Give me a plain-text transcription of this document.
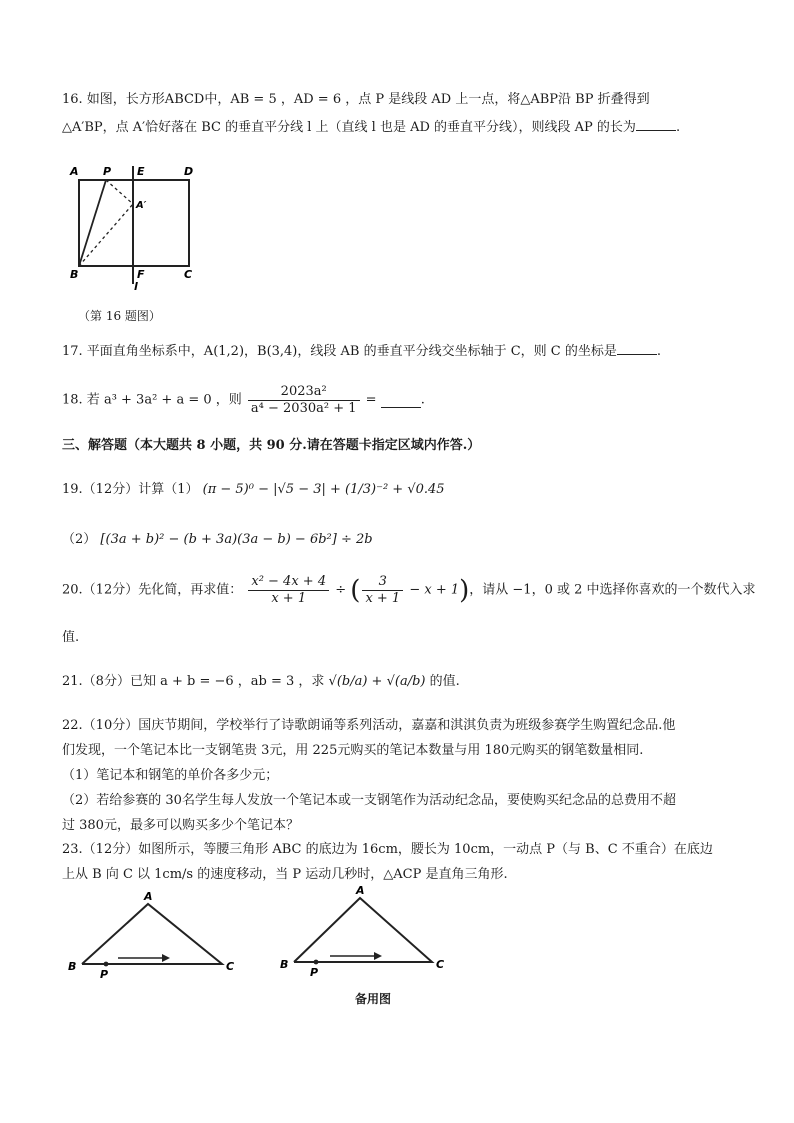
16. 如图，长方形ABCD中，AB = 5 ，AD = 6 ，点 P 是线段 AD 上一点，将△ABP沿 BP 折叠得到
△A′BP，点 A′恰好落在 BC 的垂直平分线 l 上（直线 l 也是 AD 的垂直平分线），则线段 AP 的长为	.
A P E	D
A′
B	F	C
l
（第 16 题图）
17. 平面直角坐标系中，A(1,2)，B(3,4)，线段 AB 的垂直平分线交坐标轴于 C，则 C 的坐标是	.
18. 若 a³ + 3a² + a = 0 ，则 $\frac{\text{2023a²}}{\text{a⁴ − 2030a² + 1}}$ =	.
三、解答题（本大题共 8 小题，共 90 分.请在答题卡指定区域内作答.）
19.（12分）计算（1） (π − 5)⁰ − |√5 − 3| + (1/3)⁻² + √0.45
（2） [(3a + b)² − (b + 3a)(3a − b) − 6b²] ÷ 2b
20.（12分）先化简，再求值： $\frac{\text{x² − 4x + 4}}{x + 1}$ ÷ ( $\frac{3}{x + 1} - x + 1$)，请从 −1，0 或 2 中选择你喜欢的一个数代入求
值.
21.（8分）已知 a + b = −6 ，ab = 3 ，求 √(b/a) + √(a/b) 的值.
22.（10分）国庆节期间，学校举行了诗歌朗诵等系列活动，嘉嘉和淇淇负责为班级参赛学生购置纪念品.他
们发现，一个笔记本比一支钢笔贵 3元，用 225元购买的笔记本数量与用 180元购买的钢笔数量相同.
（1）笔记本和钢笔的单价各多少元；
（2）若给参赛的 30名学生每人发放一个笔记本或一支钢笔作为活动纪念品，要使购买纪念品的总费用不超
过 380元，最多可以购买多少个笔记本？
23.（12分）如图所示，等腰三角形 ABC 的底边为 16cm，腰长为 10cm，一动点 P（与 B、C 不重合）在底边
上从 B 向 C 以 1cm/s 的速度移动，当 P 运动几秒时，△ACP 是直角三角形.
A
B
P
C
A
B
P
C
备用图
